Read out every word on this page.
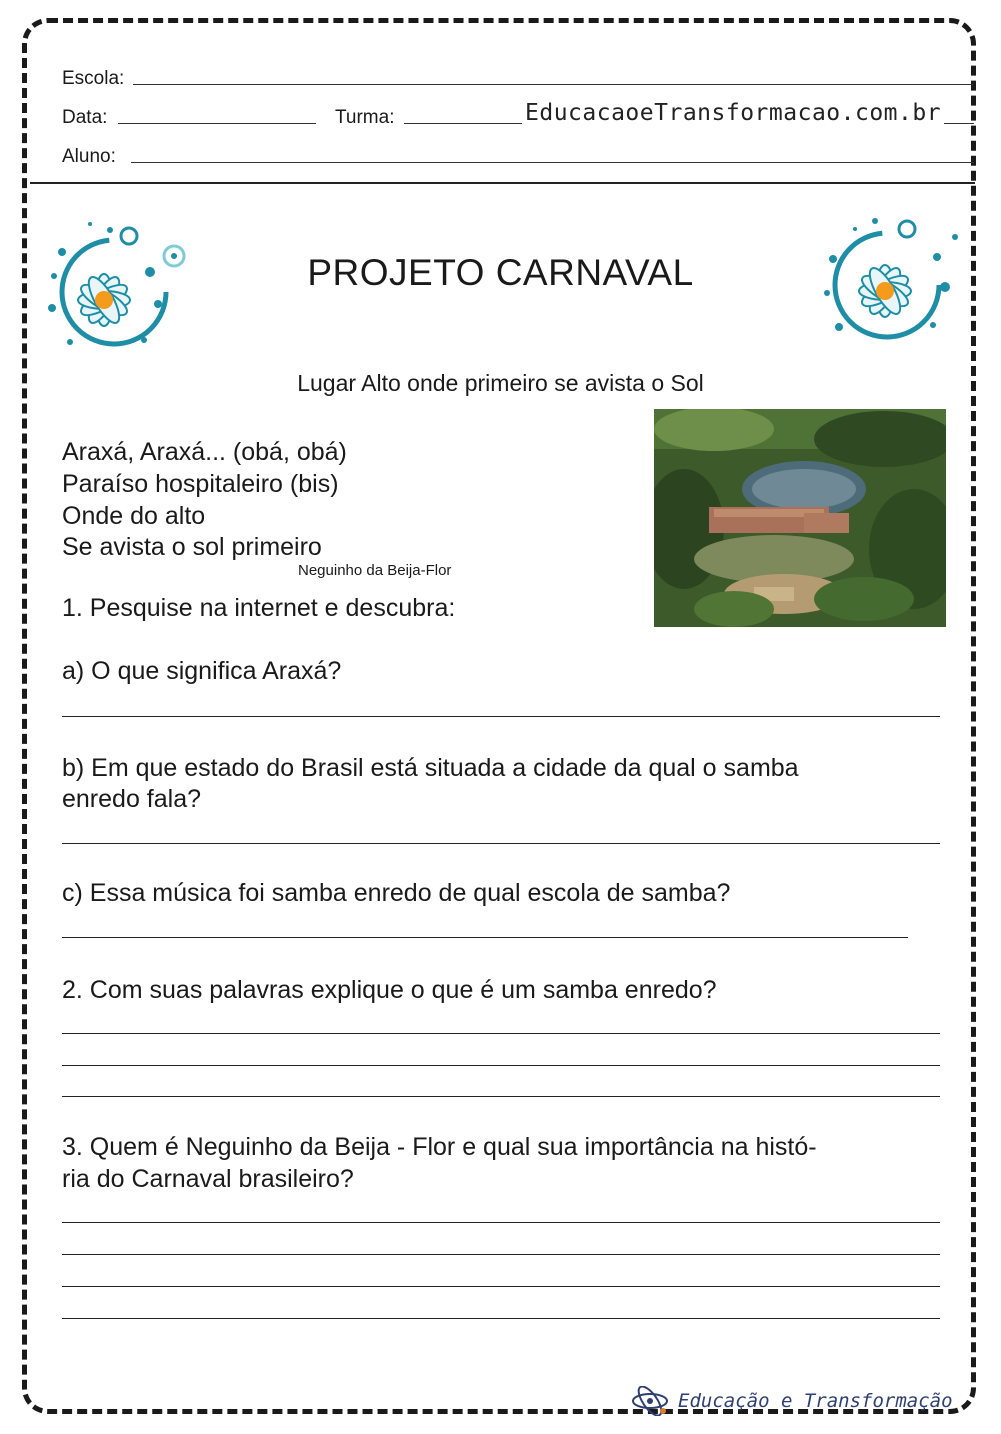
Escola:
Data:	Turma:	EducacaoeTransformacao.com.br
Aluno:
PROJETO CARNAVAL
Lugar Alto onde primeiro se avista o Sol
Araxá, Araxá... (obá, obá)
Paraíso hospitaleiro (bis)
Onde do alto
Se avista o sol primeiro
Neguinho da Beija-Flor
1. Pesquise na internet e descubra:
a) O que significa Araxá?
b) Em que estado do Brasil está situada a cidade da qual o samba
enredo fala?
c) Essa música foi samba enredo de qual escola de samba?
2. Com suas palavras explique o que é um samba enredo?
3. Quem é Neguinho da Beija - Flor e qual sua importância na histó-
ria do Carnaval brasileiro?
Educação e Transformação
